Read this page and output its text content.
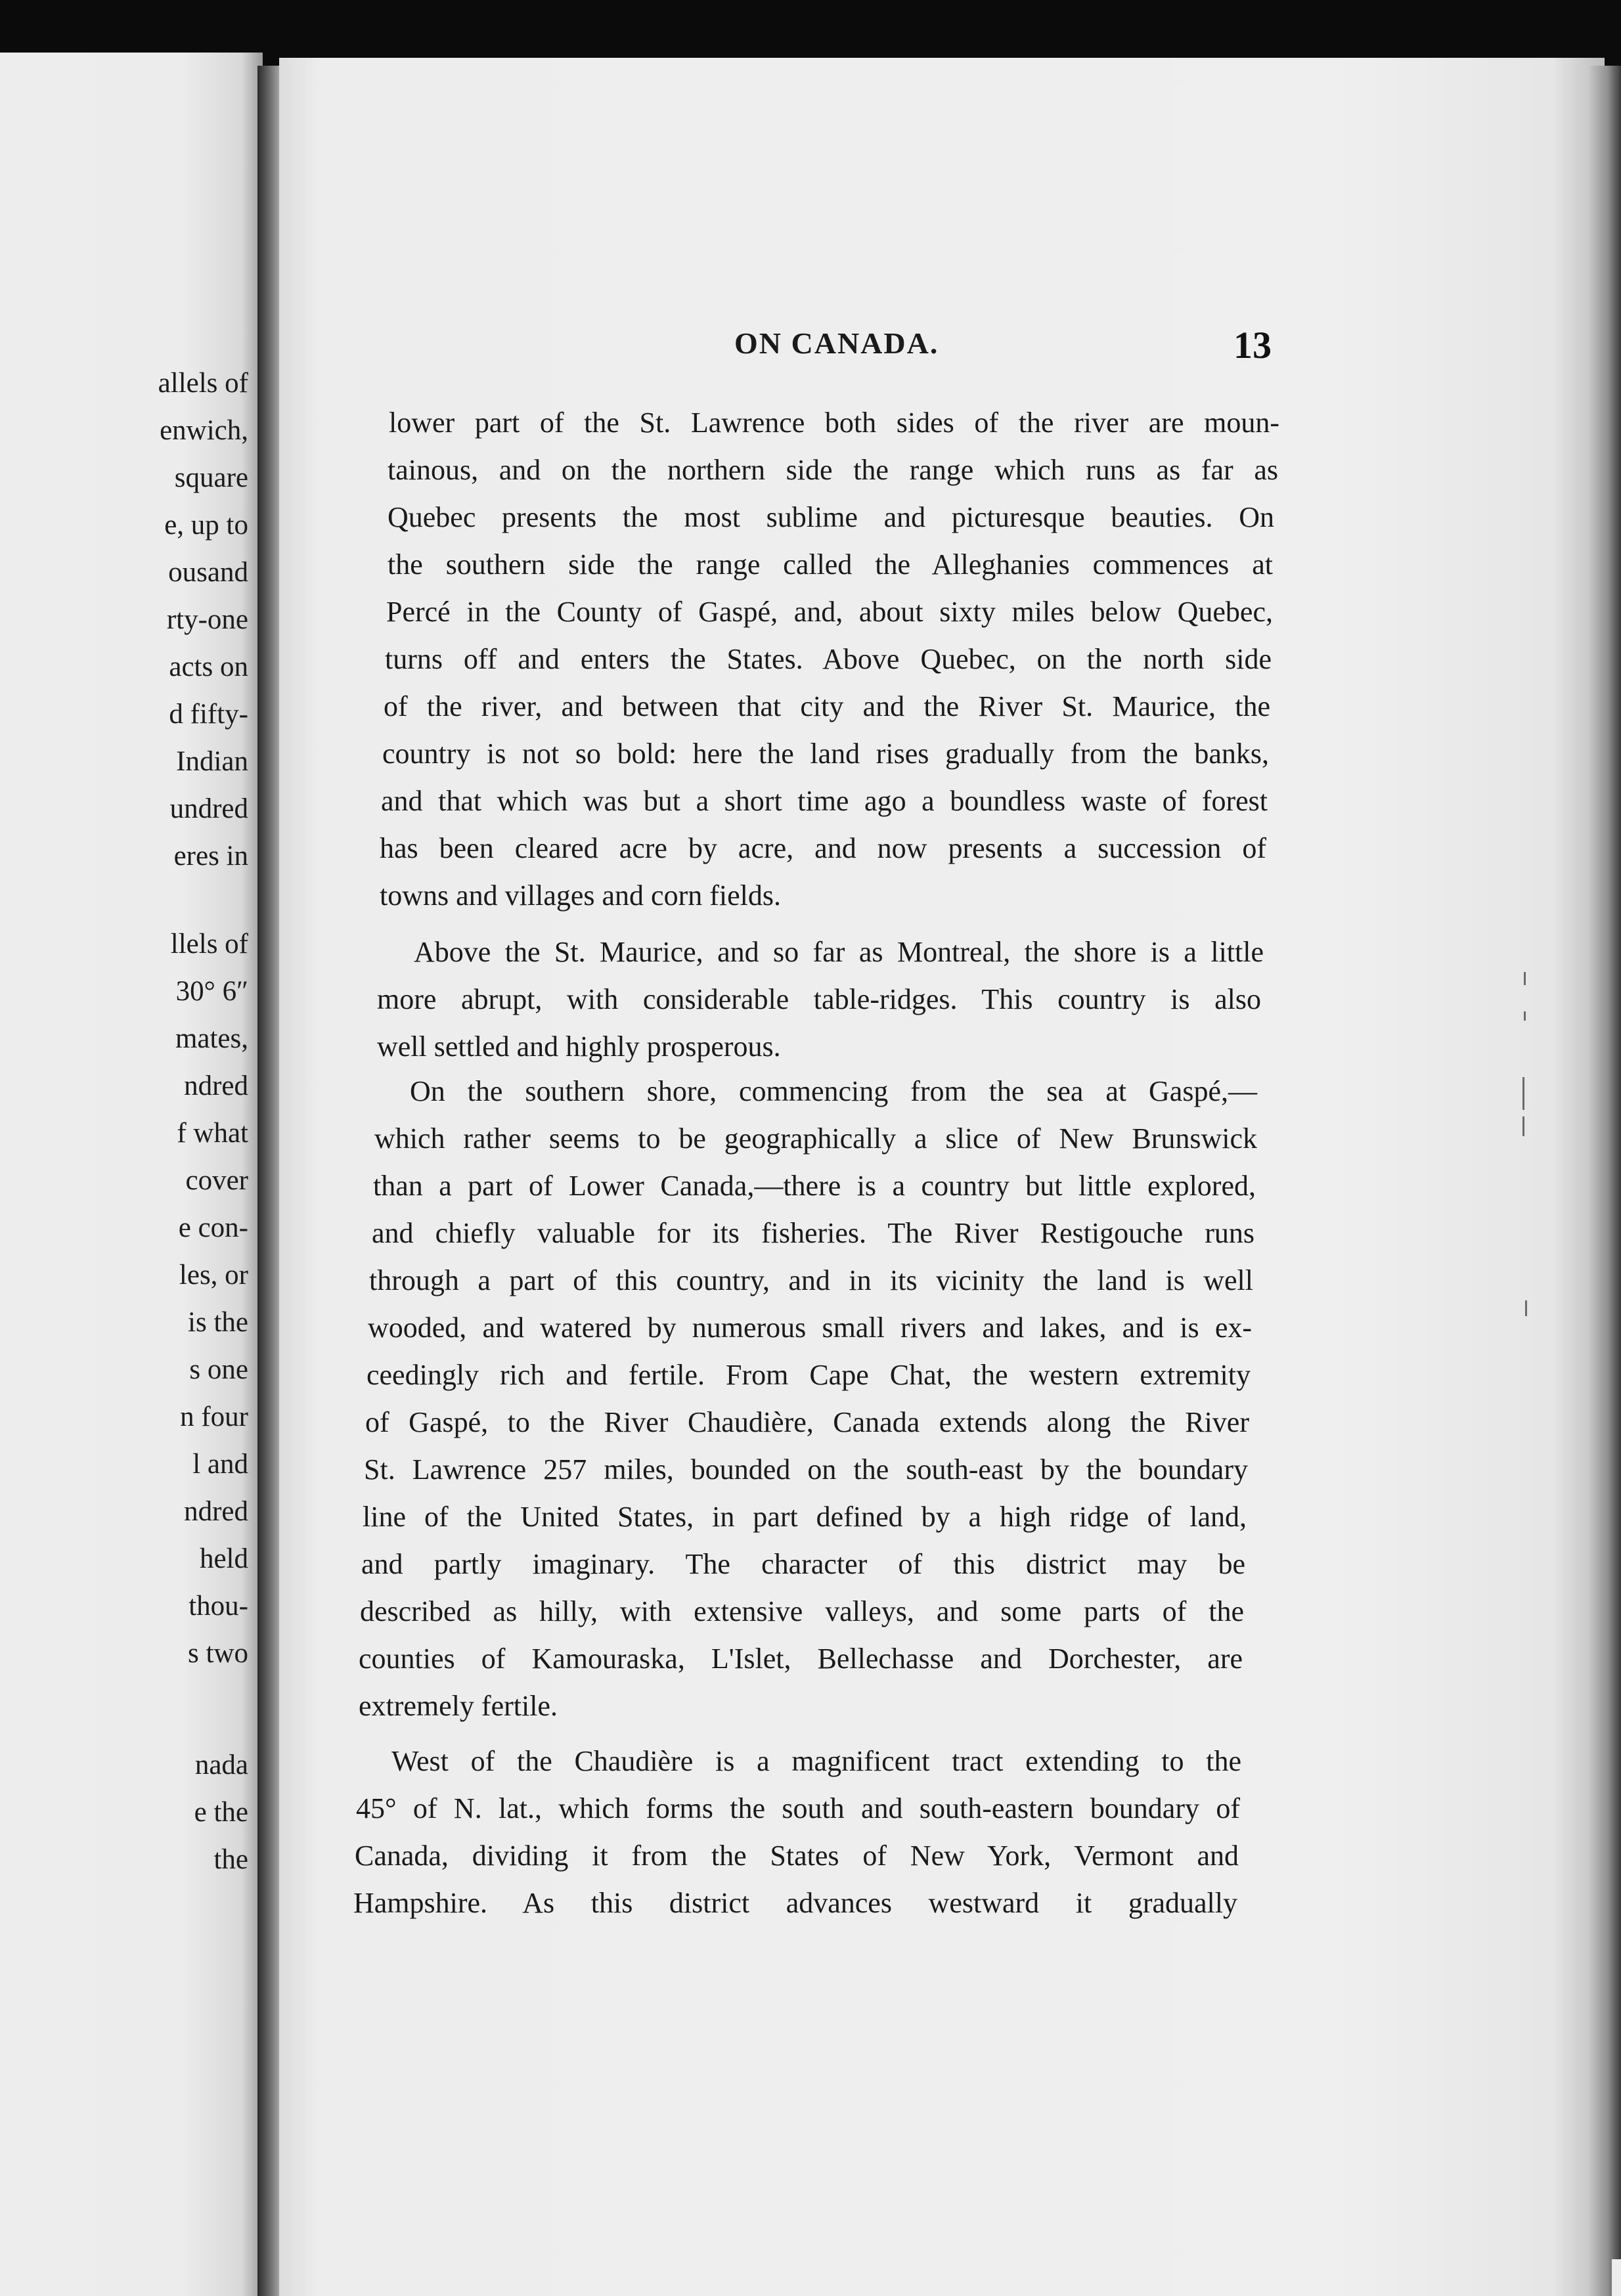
allels of
enwich,
square
e, up to
ousand
rty-one
acts on
d fifty-
Indian
undred
eres in
llels of
30° 6″
mates,
ndred
f what
cover
e con-
les, or
is the
s one
n four
l and
ndred
held
thou-
s two
nada
e the
the
ON CANADA.	13
lower part of the St. Lawrence both sides of the river are moun-
tainous, and on the northern side the range which runs as far as
Quebec presents the most sublime and picturesque beauties. On
the southern side the range called the Alleghanies commences at
Percé in the County of Gaspé, and, about sixty miles below Quebec,
turns off and enters the States. Above Quebec, on the north side
of the river, and between that city and the River St. Maurice, the
country is not so bold: here the land rises gradually from the banks,
and that which was but a short time ago a boundless waste of forest
has been cleared acre by acre, and now presents a succession of
towns and villages and corn fields.
Above the St. Maurice, and so far as Montreal, the shore is a little
more abrupt, with considerable table-ridges. This country is also
well settled and highly prosperous.
On the southern shore, commencing from the sea at Gaspé,—
which rather seems to be geographically a slice of New Brunswick
than a part of Lower Canada,—there is a country but little explored,
and chiefly valuable for its fisheries. The River Restigouche runs
through a part of this country, and in its vicinity the land is well
wooded, and watered by numerous small rivers and lakes, and is ex-
ceedingly rich and fertile. From Cape Chat, the western extremity
of Gaspé, to the River Chaudière, Canada extends along the River
St. Lawrence 257 miles, bounded on the south-east by the boundary
line of the United States, in part defined by a high ridge of land,
and partly imaginary. The character of this district may be
described as hilly, with extensive valleys, and some parts of the
counties of Kamouraska, L'Islet, Bellechasse and Dorchester, are
extremely fertile.
West of the Chaudière is a magnificent tract extending to the
45° of N. lat., which forms the south and south-eastern boundary of
Canada, dividing it from the States of New York, Vermont and
Hampshire. As this district advances westward it gradually
